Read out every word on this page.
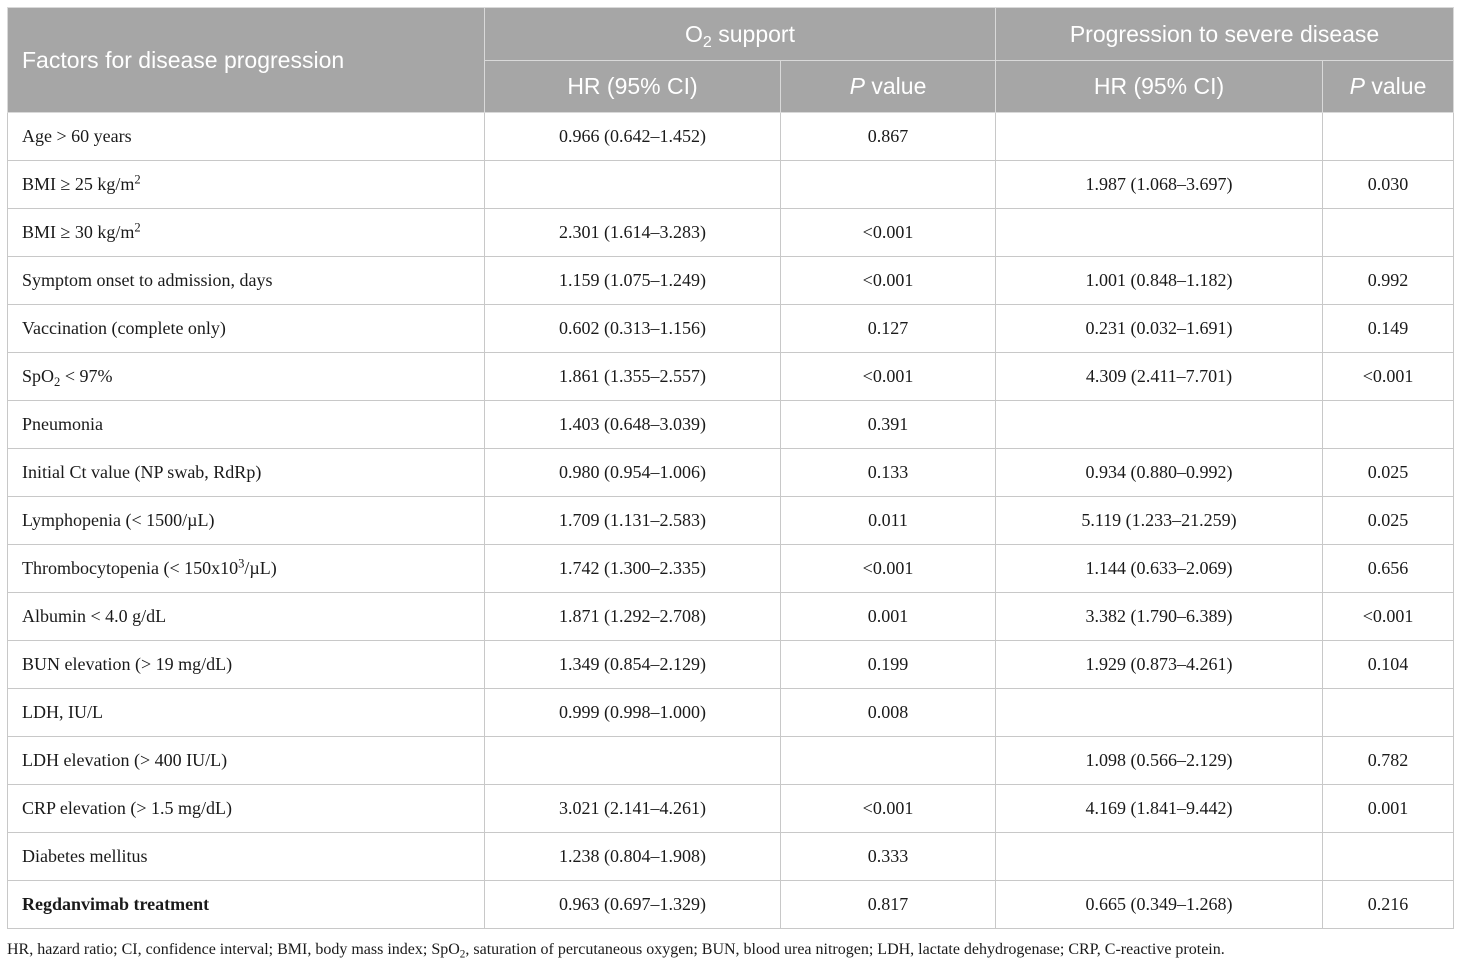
Factors for disease progression	$O_2$ support		Progression to severe disease	
	HR (95% CI)	P value	HR (95% CI)	P value
Age > 60 years	0.966 (0.642–1.452)	0.867		
BMI ≥ 25 $kg/m^2$			1.987 (1.068–3.697)	0.030
BMI ≥ 30 $kg/m^2$	2.301 (1.614–3.283)	<0.001		
Symptom onset to admission, days	1.159 (1.075–1.249)	<0.001	1.001 (0.848–1.182)	0.992
Vaccination (complete only)	0.602 (0.313–1.156)	0.127	0.231 (0.032–1.691)	0.149
SpO$_2$ < 97%	1.861 (1.355–2.557)	<0.001	4.309 (2.411–7.701)	<0.001
Pneumonia	1.403 (0.648–3.039)	0.391		
Initial Ct value (NP swab, RdRp)	0.980 (0.954–1.006)	0.133	0.934 (0.880–0.992)	0.025
Lymphopenia (< 1500/µL)	1.709 (1.131–2.583)	0.011	5.119 (1.233–21.259)	0.025
Thrombocytopenia (< $150x10^3/\mu L$)	1.742 (1.300–2.335)	<0.001	1.144 (0.633–2.069)	0.656
Albumin < 4.0 g/dL	1.871 (1.292–2.708)	0.001	3.382 (1.790–6.389)	<0.001
BUN elevation (> 19 mg/dL)	1.349 (0.854–2.129)	0.199	1.929 (0.873–4.261)	0.104
LDH, IU/L	0.999 (0.998–1.000)	0.008		
LDH elevation (> 400 IU/L)			1.098 (0.566–2.129)	0.782
CRP elevation (> 1.5 mg/dL)	3.021 (2.141–4.261)	<0.001	4.169 (1.841–9.442)	0.001
Diabetes mellitus	1.238 (0.804–1.908)	0.333		
Regdanvimab treatment	0.963 (0.697–1.329)	0.817	0.665 (0.349–1.268)	0.216
HR, hazard ratio; CI, confidence interval; BMI, body mass index; SpO$_2$, saturation of percutaneous oxygen; BUN, blood urea nitrogen; LDH, lactate dehydrogenase; CRP, C-reactive protein.
